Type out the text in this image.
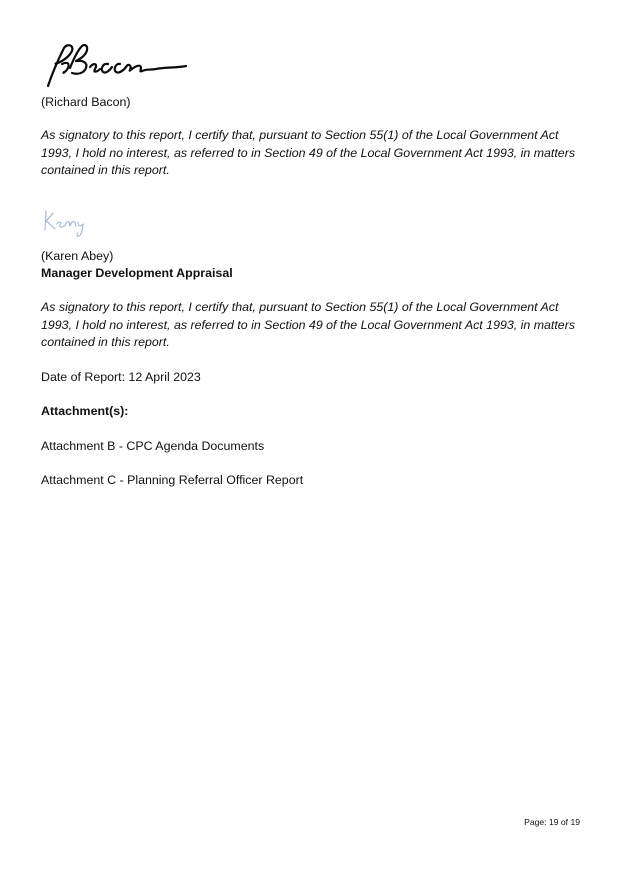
(Richard Bacon)

As signatory to this report, I certify that, pursuant to Section 55(1) of the Local Government Act
1993, I hold no interest, as referred to in Section 49 of the Local Government Act 1993, in matters
contained in this report.

(Karen Abey)

Manager Development Appraisal

As signatory to this report, I certify that, pursuant to Section 55(1) of the Local Government Act
1993, I hold no interest, as referred to in Section 49 of the Local Government Act 1993, in matters
contained in this report.

Date of Report: 12 April 2023

Attachment(s):

Attachment B - CPC Agenda Documents

Attachment C - Planning Referral Officer Report

Page: 19 of 19
